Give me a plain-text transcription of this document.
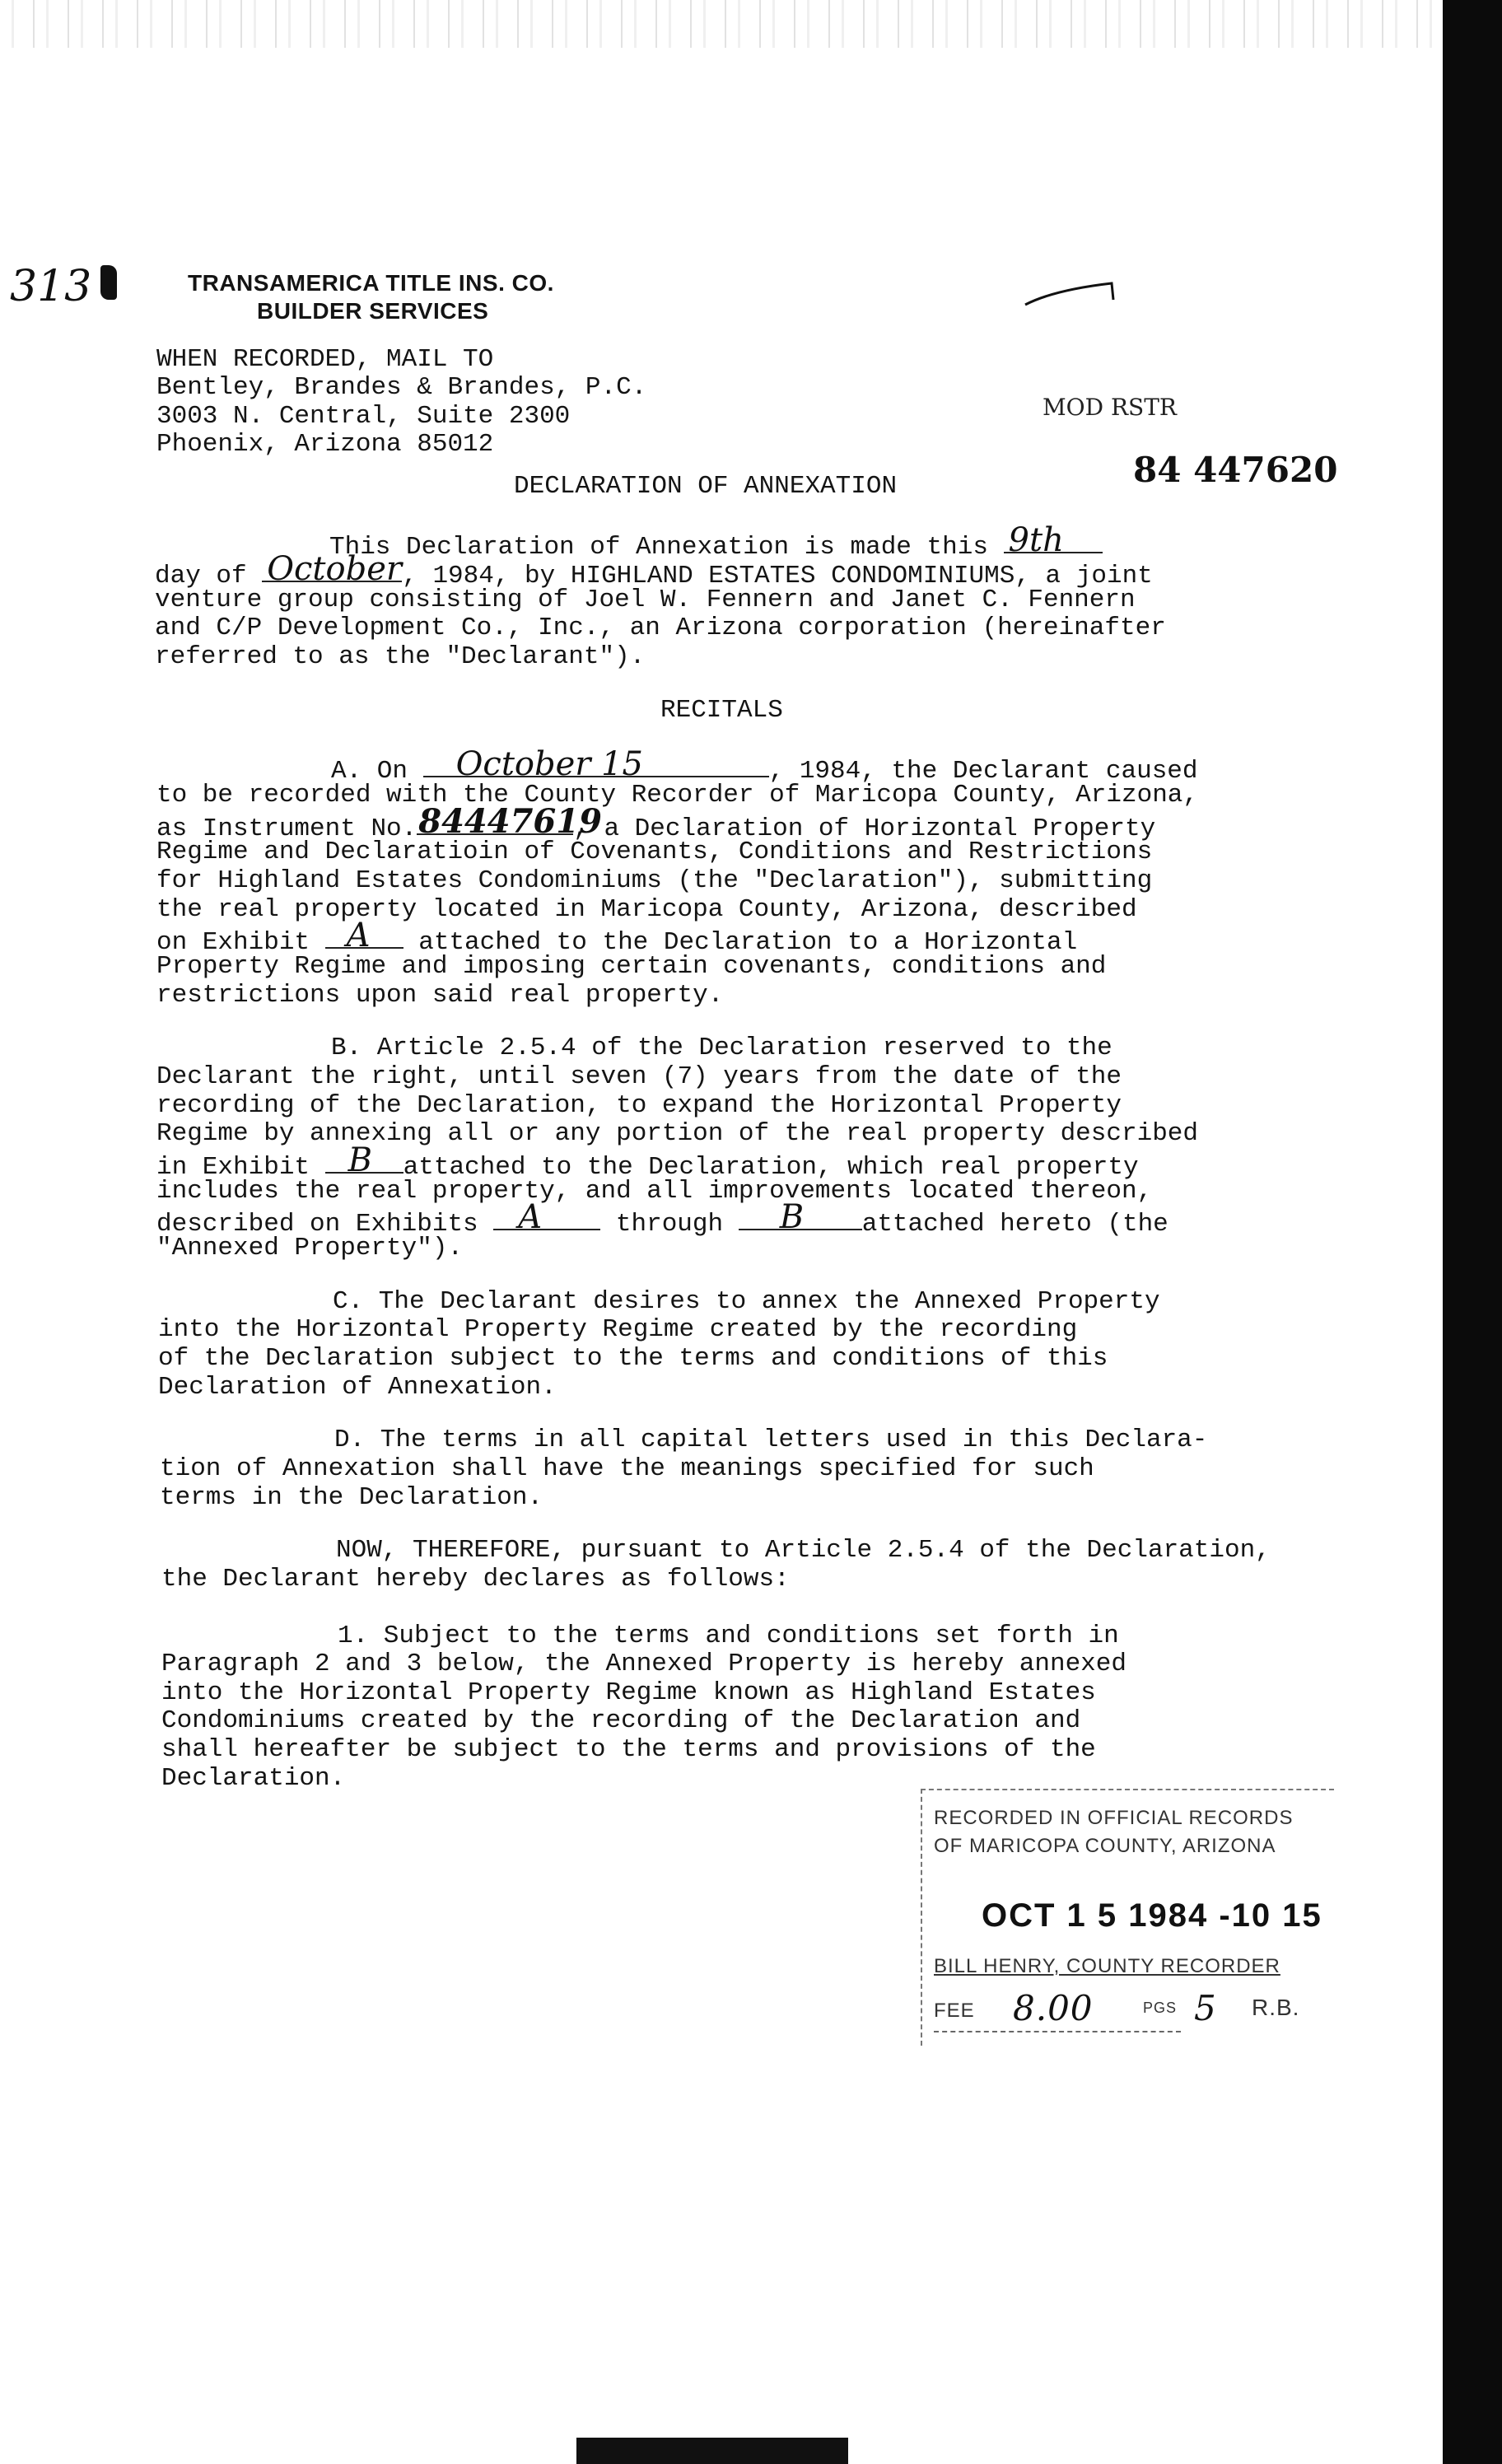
313	TRANSAMERICA TITLE INS. CO.
BUILDER SERVICES
WHEN RECORDED, MAIL TO
Bentley, Brandes & Brandes, P.C.
3003 N. Central, Suite 2300
Phoenix, Arizona 85012
MOD RSTR
84 447620
DECLARATION OF ANNEXATION
This Declaration of Annexation is made this 9th
day of October , 1984, by HIGHLAND ESTATES CONDOMINIUMS, a joint
venture group consisting of Joel W. Fennern and Janet C. Fennern
and C/P Development Co., Inc., an Arizona corporation (hereinafter
referred to as the "Declarant").
RECITALS
A. On October 15	, 1984, the Declarant caused
to be recorded with the County Recorder of Maricopa County, Arizona,
as Instrument No. 84447619
, a Declaration of Horizontal Property
Regime and Declaratioin of Covenants, Conditions and Restrictions
for Highland Estates Condominiums (the "Declaration"), submitting
the real property located in Maricopa County, Arizona, described
on Exhibit A attached to the Declaration to a Horizontal
Property Regime and imposing certain covenants, conditions and
restrictions upon said real property.
B. Article 2.5.4 of the Declaration reserved to the
Declarant the right, until seven (7) years from the date of the
recording of the Declaration, to expand the Horizontal Property
Regime by annexing all or any portion of the real property described
in Exhibit B attached to the Declaration, which real property
includes the real property, and all improvements located thereon,
described on Exhibits A through B attached hereto (the
"Annexed Property").
C. The Declarant desires to annex the Annexed Property
into the Horizontal Property Regime created by the recording
of the Declaration subject to the terms and conditions of this
Declaration of Annexation.
D. The terms in all capital letters used in this Declara-
tion of Annexation shall have the meanings specified for such
terms in the Declaration.
NOW, THEREFORE, pursuant to Article 2.5.4 of the Declaration,
the Declarant hereby declares as follows:
1. Subject to the terms and conditions set forth in
Paragraph 2 and 3 below, the Annexed Property is hereby annexed
into the Horizontal Property Regime known as Highland Estates
Condominiums created by the recording of the Declaration and
shall hereafter be subject to the terms and provisions of the
Declaration.
RECORDED IN OFFICIAL RECORDS
OF MARICOPA COUNTY, ARIZONA
OCT 1 5 1984 -10 15
BILL HENRY, COUNTY RECORDER
FEE 8.00	PGS 5 R.B.
